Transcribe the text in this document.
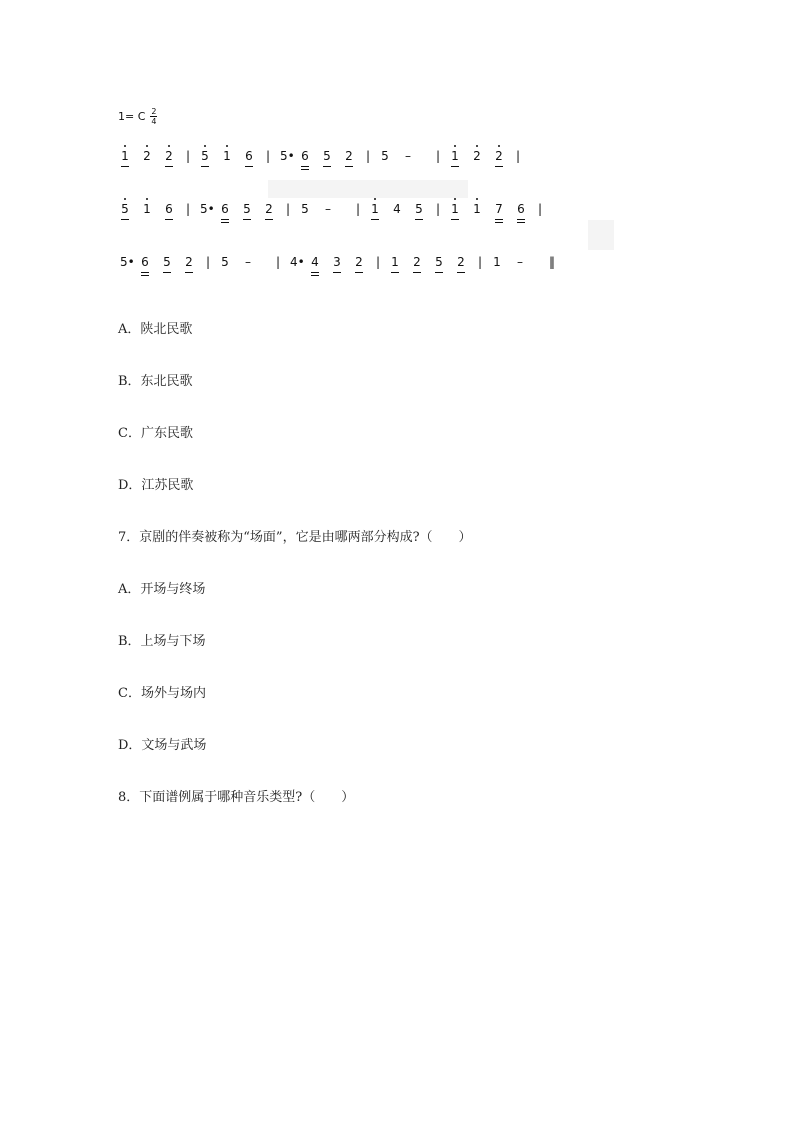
1= C 2
4
1 2 2 | 5 1 6 | 5• 6 5 2 | 5 – | 1 2 2 |
5 1 6 | 5• 6 5 2 | 5 – | 1 4 5 | 1 1 7 6 |
5• 6 5 2 | 5 – | 4• 4 3 2 | 1 2 5 2 | 1 – ‖
A．陕北民歌
B．东北民歌
C．广东民歌
D．江苏民歌
7．京剧的伴奏被称为“场面”，它是由哪两部分构成?（　　）
A．开场与终场
B．上场与下场
C．场外与场内
D．文场与武场
8．下面谱例属于哪种音乐类型?（　　）
